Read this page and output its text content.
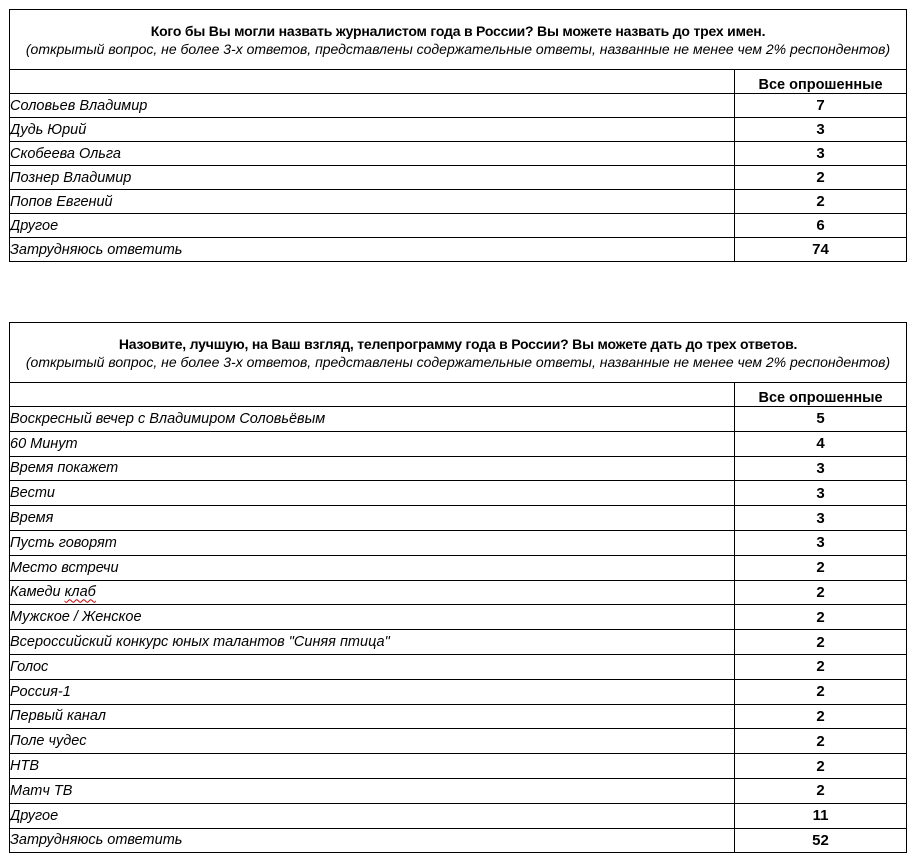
Кого бы Вы могли назвать журналистом года в России? Вы можете назвать до трех имен.
(открытый вопрос, не более 3-х ответов, представлены содержательные ответы, названные не менее чем 2% респондентов)	

	Все опрошенные
Соловьев Владимир	7
Дудь Юрий	3
Скобеева Ольга	3
Познер Владимир	2
Попов Евгений	2
Другое	6
Затрудняюсь ответить	74
Назовите, лучшую, на Ваш взгляд, телепрограмму года в России? Вы можете дать до трех ответов.
(открытый вопрос, не более 3-х ответов, представлены содержательные ответы, названные не менее чем 2% респондентов)	

	Все опрошенные
Воскресный вечер с Владимиром Соловьёвым	5
60 Минут	4
Время покажет	3
Вести	3
Время	3
Пусть говорят	3
Место встречи	2
Камеди клаб	2
Мужское / Женское	2
Всероссийский конкурс юных талантов "Синяя птица"	2
Голос	2
Россия-1	2
Первый канал	2
Поле чудес	2
НТВ	2
Матч ТВ	2
Другое	11
Затрудняюсь ответить	52
